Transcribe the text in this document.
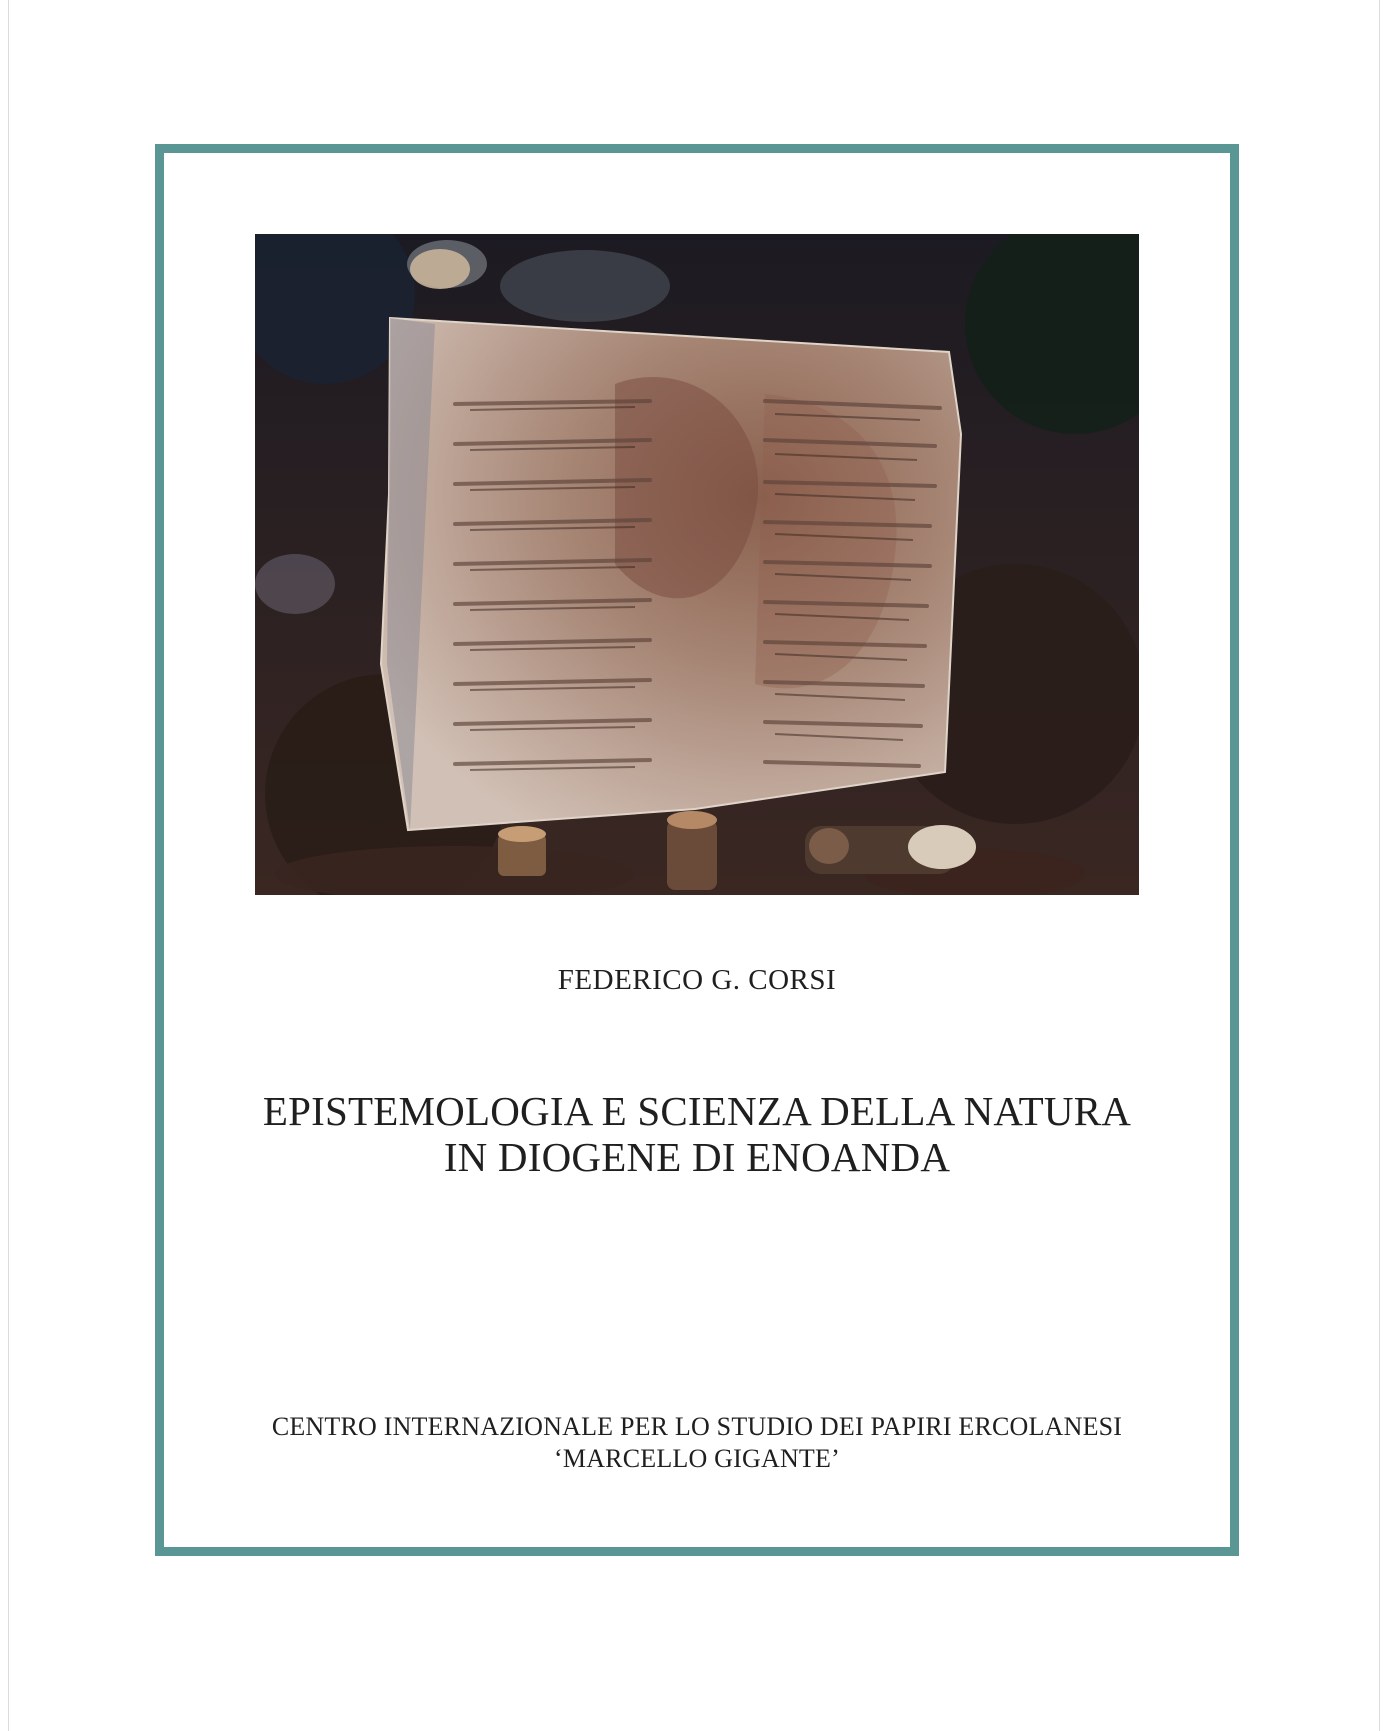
FEDERICO G. CORSI
EPISTEMOLOGIA E SCIENZA DELLA NATURA
IN DIOGENE DI ENOANDA
CENTRO INTERNAZIONALE PER LO STUDIO DEI PAPIRI ERCOLANESI
‘MARCELLO GIGANTE’
